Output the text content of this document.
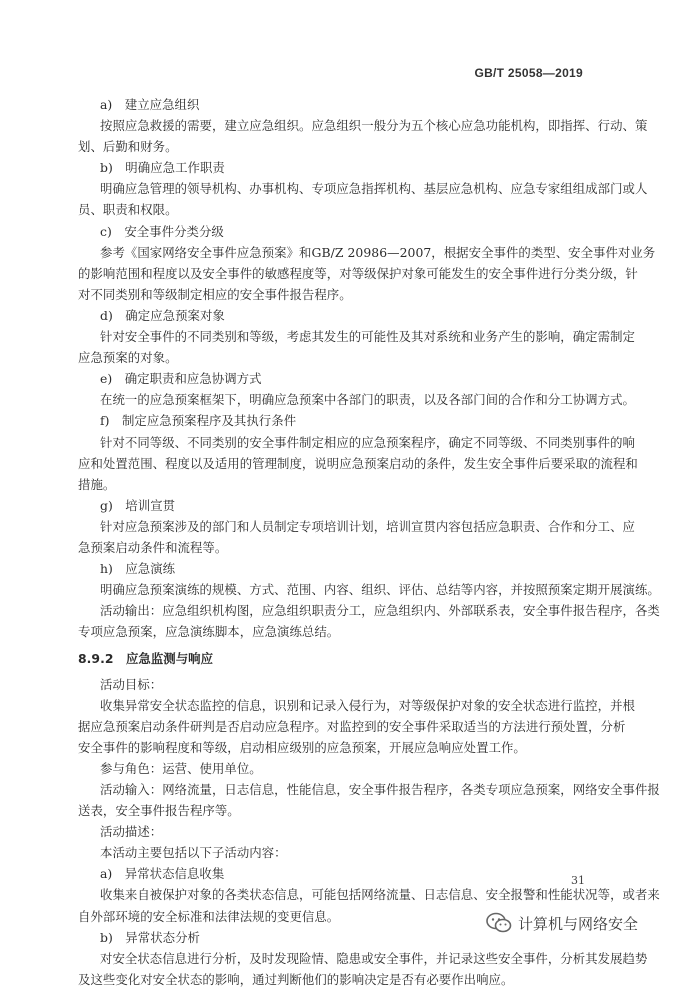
GB/T 25058—2019
a)　建立应急组织
按照应急救援的需要，建立应急组织。应急组织一般分为五个核心应急功能机构，即指挥、行动、策
划、后勤和财务。
b)　明确应急工作职责
明确应急管理的领导机构、办事机构、专项应急指挥机构、基层应急机构、应急专家组组成部门或人
员、职责和权限。
c)　安全事件分类分级
参考《国家网络安全事件应急预案》和GB/Z 20986—2007，根据安全事件的类型、安全事件对业务
的影响范围和程度以及安全事件的敏感程度等，对等级保护对象可能发生的安全事件进行分类分级，针
对不同类别和等级制定相应的安全事件报告程序。
d)　确定应急预案对象
针对安全事件的不同类别和等级，考虑其发生的可能性及其对系统和业务产生的影响，确定需制定
应急预案的对象。
e)　确定职责和应急协调方式
在统一的应急预案框架下，明确应急预案中各部门的职责，以及各部门间的合作和分工协调方式。
f)　制定应急预案程序及其执行条件
针对不同等级、不同类别的安全事件制定相应的应急预案程序，确定不同等级、不同类别事件的响
应和处置范围、程度以及适用的管理制度，说明应急预案启动的条件，发生安全事件后要采取的流程和
措施。
g)　培训宣贯
针对应急预案涉及的部门和人员制定专项培训计划，培训宣贯内容包括应急职责、合作和分工、应
急预案启动条件和流程等。
h)　应急演练
明确应急预案演练的规模、方式、范围、内容、组织、评估、总结等内容，并按照预案定期开展演练。
活动输出：应急组织机构图，应急组织职责分工，应急组织内、外部联系表，安全事件报告程序，各类
专项应急预案，应急演练脚本，应急演练总结。
8.9.2　应急监测与响应
活动目标：
收集异常安全状态监控的信息，识别和记录入侵行为，对等级保护对象的安全状态进行监控，并根
据应急预案启动条件研判是否启动应急程序。对监控到的安全事件采取适当的方法进行预处置，分析
安全事件的影响程度和等级，启动相应级别的应急预案，开展应急响应处置工作。
参与角色：运营、使用单位。
活动输入：网络流量，日志信息，性能信息，安全事件报告程序，各类专项应急预案，网络安全事件报
送表，安全事件报告程序等。
活动描述：
本活动主要包括以下子活动内容：
a)　异常状态信息收集
收集来自被保护对象的各类状态信息，可能包括网络流量、日志信息、安全报警和性能状况等，或者来
自外部环境的安全标准和法律法规的变更信息。
b)　异常状态分析
对安全状态信息进行分析，及时发现险情、隐患或安全事件，并记录这些安全事件，分析其发展趋势
及这些变化对安全状态的影响，通过判断他们的影响决定是否有必要作出响应。
31
计算机与网络安全
